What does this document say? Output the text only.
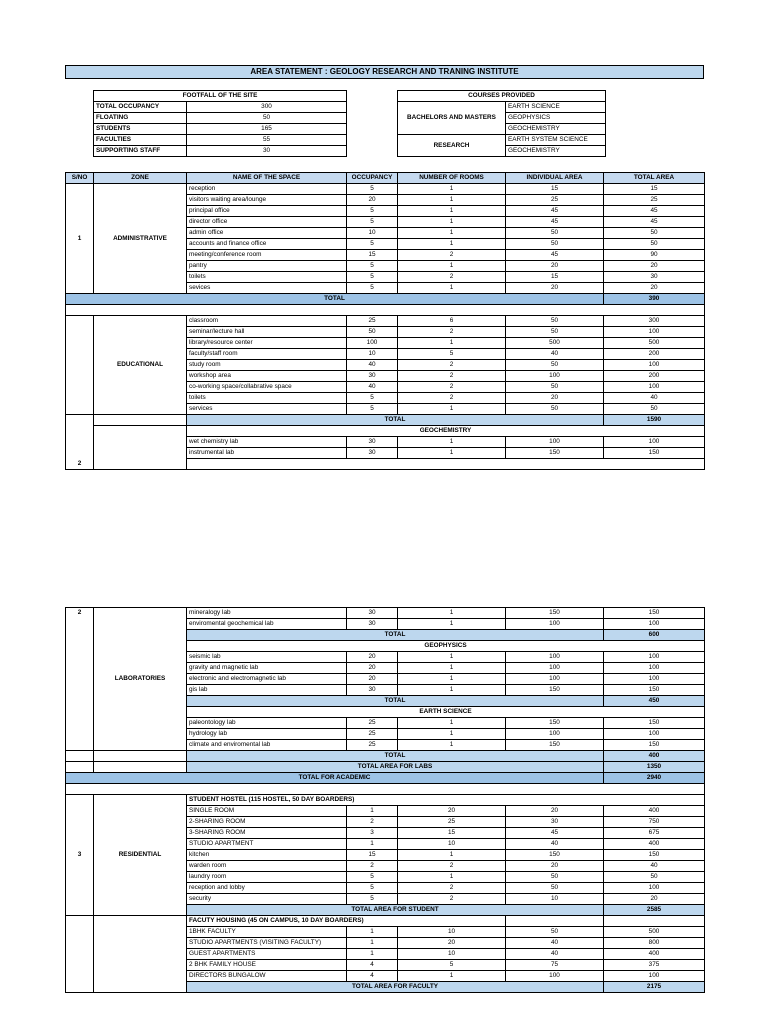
AREA STATEMENT : GEOLOGY RESEARCH AND TRANING INSTITUTE
FOOTFALL OF THE SITE	
TOTAL OCCUPANCY	300
FLOATING	50
STUDENTS	165
FACULTIES	55
SUPPORTING STAFF	30
COURSES PROVIDED	
BACHELORS AND MASTERS	EARTH SCIENCE
	GEOPHYSICS
	GEOCHEMISTRY
RESEARCH	EARTH SYSTEM SCIENCE
	GEOCHEMISTRY
S/NO	ZONE	NAME OF THE SPACE	OCCUPANCY	NUMBER OF ROOMS	INDIVIDUAL AREA	TOTAL AREA
1	ADMINISTRATIVE	reception	5	1	15	15
		visitors waiting area/lounge	20	1	25	25
		principal office	5	1	45	45
		director office	5	1	45	45
		admin office	10	1	50	50
		accounts and finance office	5	1	50	50
		meeting/conference room	15	2	45	90
		pantry	5	1	20	20
		toilets	5	2	15	30
		sevices	5	1	20	20
TOTAL						390

	EDUCATIONAL	classroom	25	6	50	300
		seminar/lecture hall	50	2	50	100
		library/resource center	100	1	500	500
		faculty/staff room	10	5	40	200
		study room	40	2	50	100
		workshop area	30	2	100	200
		co-working space/collabrative space	40	2	50	100
		toilets	5	2	20	40
		services	5	1	50	50
		TOTAL				1590
		GEOCHEMISTRY				
		wet chemistry lab	30	1	100	100
		instrumental lab	30	1	150	150
2						
2	LABORATORIES	mineralogy lab	30	1	150	150
		enviromental geochemical lab	30	1	100	100
		TOTAL				600
		GEOPHYSICS				
		seismic lab	20	1	100	100
		gravity and magnetic lab	20	1	100	100
		electronic and electromagnetic lab	20	1	100	100
		gis lab	30	1	150	150
		TOTAL				450
		EARTH SCIENCE				
		paleontology lab	25	1	150	150
		hydrology lab	25	1	100	100
		climate and enviromental lab	25	1	150	150
		TOTAL				400
		TOTAL AREA FOR LABS				1350
TOTAL FOR ACADEMIC						2940

3	RESIDENTIAL	STUDENT HOSTEL (115 HOSTEL, 50 DAY BOARDERS)				
		SINGLE ROOM	1	20	20	400
		2-SHARING ROOM	2	25	30	750
		3-SHARING ROOM	3	15	45	675
		STUDIO APARTMENT	1	10	40	400
		kitchen	15	1	150	150
		warden room	2	2	20	40
		laundry room	5	1	50	50
		reception and lobby	5	2	50	100
		security	5	2	10	20
		TOTAL AREA FOR STUDENT				2585
		FACUTY HOUSING (45 ON CAMPUS, 10 DAY BOARDERS)				
		1BHK FACULTY	1	10	50	500
		STUDIO APARTMENTS (VISITING FACULTY)	1	20	40	800
		GUEST APARTMENTS	1	10	40	400
		2 BHK FAMILY HOUSE	4	5	75	375
		DIRECTORS BUNGALOW	4	1	100	100
		TOTAL AREA FOR FACULTY				2175
